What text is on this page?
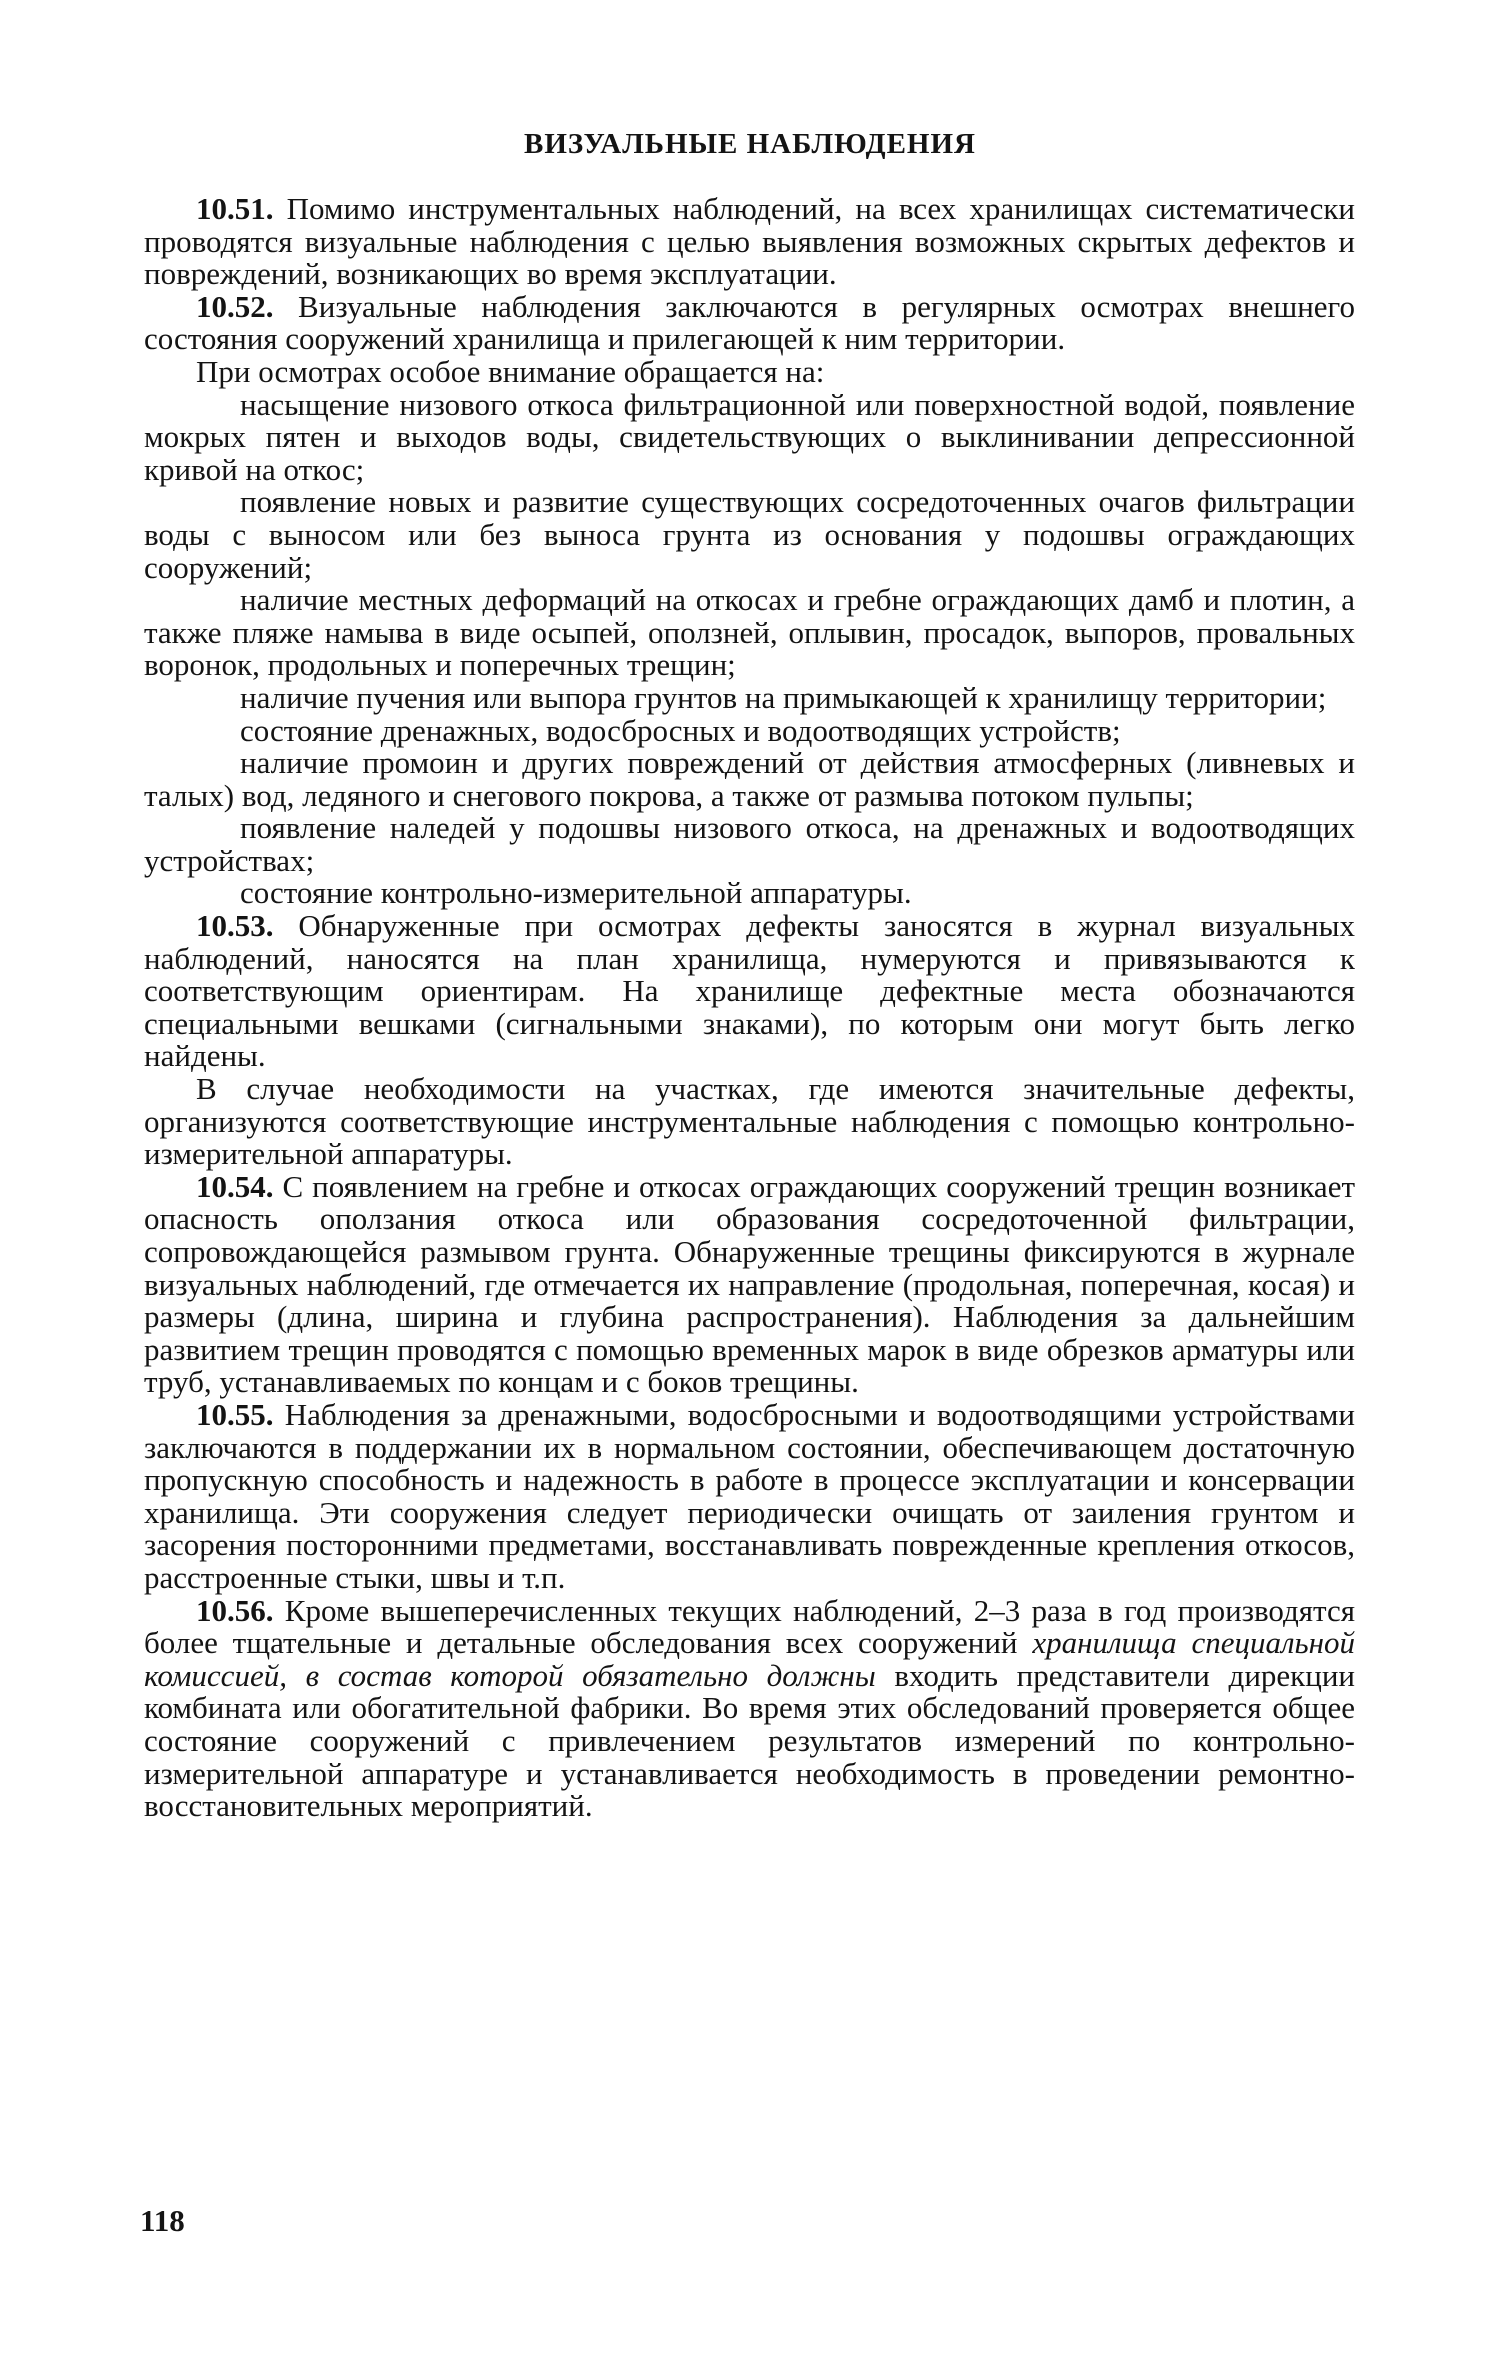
ВИЗУАЛЬНЫЕ НАБЛЮДЕНИЯ

10.51. Помимо инструментальных наблюдений, на всех хранилищах систематически проводятся визуальные наблюдения с целью выявления возможных скрытых дефектов и повреждений, возникающих во время эксплуатации.

10.52. Визуальные наблюдения заключаются в регулярных осмотрах внешнего состояния сооружений хранилища и прилегающей к ним территории.

При осмотрах особое внимание обращается на:

насыщение низового откоса фильтрационной или поверхностной водой, появление мокрых пятен и выходов воды, свидетельствующих о выклинивании депрессионной кривой на откос;

появление новых и развитие существующих сосредоточенных очагов фильтрации воды с выносом или без выноса грунта из основания у подошвы ограждающих сооружений;

наличие местных деформаций на откосах и гребне ограждающих дамб и плотин, а также пляже намыва в виде осыпей, оползней, оплывин, просадок, выпоров, провальных воронок, продольных и поперечных трещин;

наличие пучения или выпора грунтов на примыкающей к хранилищу территории;

состояние дренажных, водосбросных и водоотводящих устройств;

наличие промоин и других повреждений от действия атмосферных (ливневых и талых) вод, ледяного и снегового покрова, а также от размыва потоком пульпы;

появление наледей у подошвы низового откоса, на дренажных и водоотводящих устройствах;

состояние контрольно-измерительной аппаратуры.

10.53. Обнаруженные при осмотрах дефекты заносятся в журнал визуальных наблюдений, наносятся на план хранилища, нумеруются и привязываются к соответствующим ориентирам. На хранилище дефектные места обозначаются специальными вешками (сигнальными знаками), по которым они могут быть легко найдены.

В случае необходимости на участках, где имеются значительные дефекты, организуются соответствующие инструментальные наблюдения с помощью контрольно-измерительной аппаратуры.

10.54. С появлением на гребне и откосах ограждающих сооружений трещин возникает опасность оползания откоса или образования сосредоточенной фильтрации, сопровождающейся размывом грунта. Обнаруженные трещины фиксируются в журнале визуальных наблюдений, где отмечается их направление (продольная, поперечная, косая) и размеры (длина, ширина и глубина распространения). Наблюдения за дальнейшим развитием трещин проводятся с помощью временных марок в виде обрезков арматуры или труб, устанавливаемых по концам и с боков трещины.

10.55. Наблюдения за дренажными, водосбросными и водоотводящими устройствами заключаются в поддержании их в нормальном состоянии, обеспечивающем достаточную пропускную способность и надежность в работе в процессе эксплуатации и консервации хранилища. Эти сооружения следует периодически очищать от заиления грунтом и засорения посторонними предметами, восстанавливать поврежденные крепления откосов, расстроенные стыки, швы и т.п.

10.56. Кроме вышеперечисленных текущих наблюдений, 2–3 раза в год производятся более тщательные и детальные обследования всех сооружений хранилища специальной комиссией, в состав которой обязательно должны входить представители дирекции комбината или обогатительной фабрики. Во время этих обследований проверяется общее состояние сооружений с привлечением результатов измерений по контрольно-измерительной аппаратуре и устанавливается необходимость в проведении ремонтно-восстановительных мероприятий.

118
